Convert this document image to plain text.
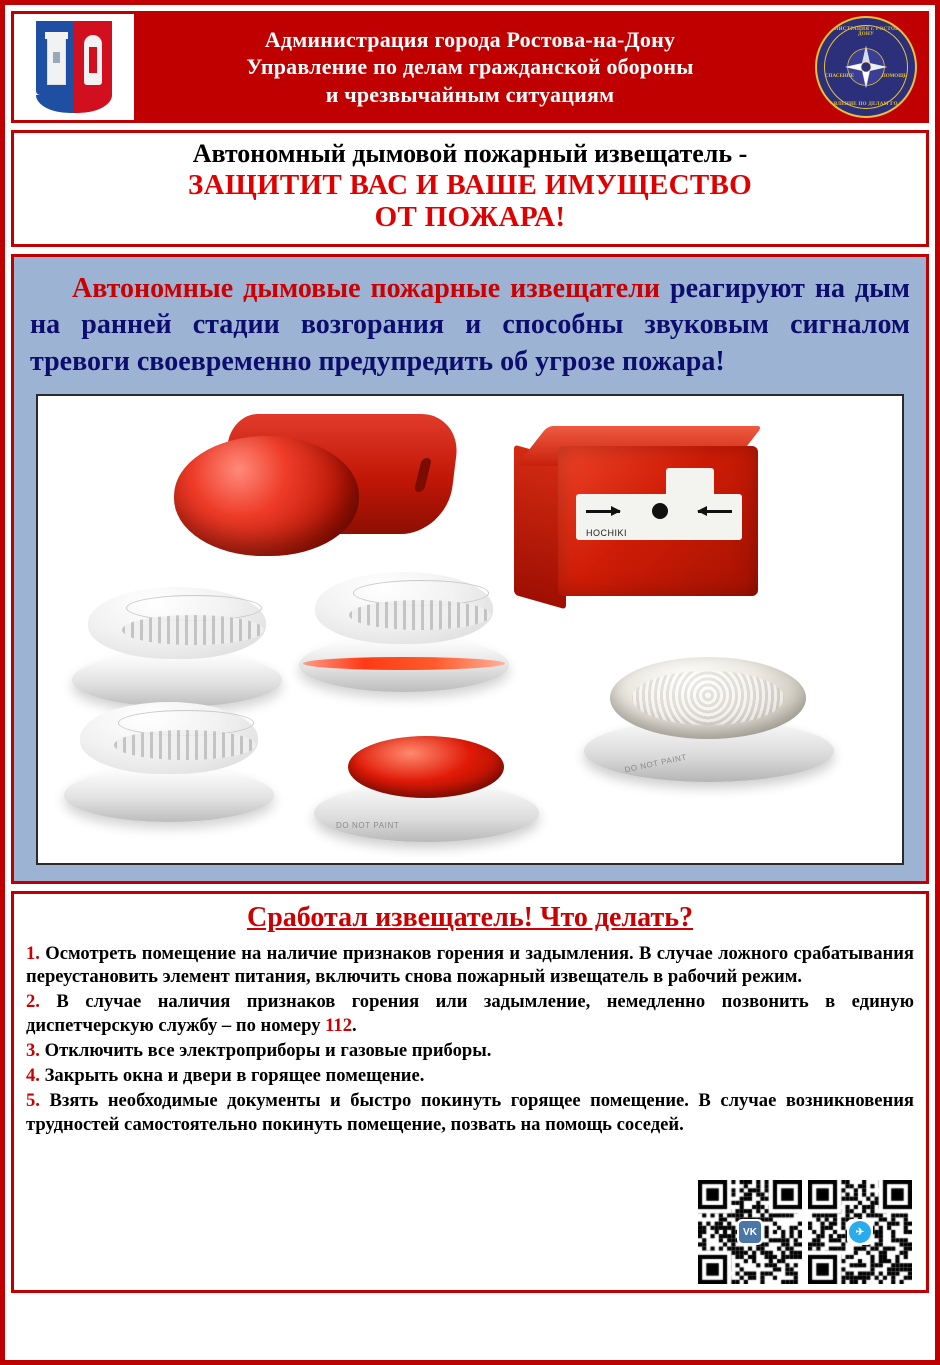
Администрация города Ростова-на-Дону
Управление по делам гражданской обороны
и чрезвычайным ситуациям
АДМИНИСТРАЦИЯ г. РОСТОВА-НА-ДОНУ
СПАСЕНИЕ	ПОМОЩЬ
УПРАВЛЕНИЕ ПО ДЕЛАМ ГО И ЧС
Автономный дымовой пожарный извещатель -
ЗАЩИТИТ ВАС И ВАШЕ ИМУЩЕСТВО
ОТ ПОЖАРА!

Автономные дымовые пожарные извещатели реагируют на дым на ранней стадии возгорания и способны звуковым сигналом тревоги своевременно предупредить об угрозе пожара!

HOCHIKI
DO NOT PAINT
DO NOT PAINT
Сработал извещатель! Что делать?

1. Осмотреть помещение на наличие признаков горения и задымления. В случае ложного срабатывания переустановить элемент питания, включить снова пожарный извещатель в рабочий режим.

2. В случае наличия признаков горения или задымление, немедленно позвонить в единую диспетчерскую службу – по номеру 112.

3. Отключить все электроприборы и газовые приборы.

4. Закрыть окна и двери в горящее помещение.

5. Взять необходимые документы и быстро покинуть горящее помещение. В случае возникновения трудностей самостоятельно покинуть помещение, позвать на помощь соседей.

VK	✈
